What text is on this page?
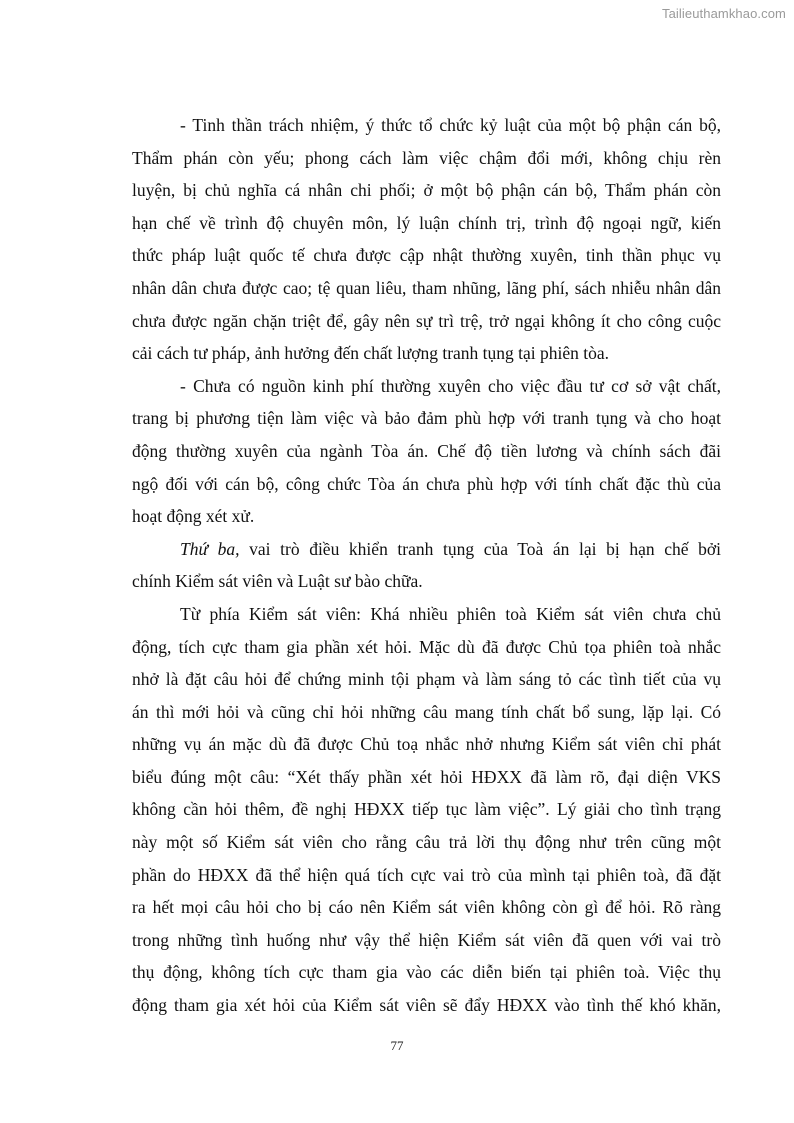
Tailieuthamkhao.com
- Tinh thần trách nhiệm, ý thức tổ chức kỷ luật của một bộ phận cán bộ,
Thẩm phán còn yếu; phong cách làm việc chậm đổi mới, không chịu rèn
luyện, bị chủ nghĩa cá nhân chi phối; ở một bộ phận cán bộ, Thẩm phán còn
hạn chế về trình độ chuyên môn, lý luận chính trị, trình độ ngoại ngữ, kiến
thức pháp luật quốc tế chưa được cập nhật thường xuyên, tinh thần phục vụ
nhân dân chưa được cao; tệ quan liêu, tham nhũng, lãng phí, sách nhiễu nhân dân
chưa được ngăn chặn triệt để, gây nên sự trì trệ, trở ngại không ít cho công cuộc
cải cách tư pháp, ảnh hưởng đến chất lượng tranh tụng tại phiên tòa.
- Chưa có nguồn kinh phí thường xuyên cho việc đầu tư cơ sở vật chất,
trang bị phương tiện làm việc và bảo đảm phù hợp với tranh tụng và cho hoạt
động thường xuyên của ngành Tòa án. Chế độ tiền lương và chính sách đãi
ngộ đối với cán bộ, công chức Tòa án chưa phù hợp với tính chất đặc thù của
hoạt động xét xử.
Thứ ba, vai trò điều khiển tranh tụng của Toà án lại bị hạn chế bởi
chính Kiểm sát viên và Luật sư bào chữa.
Từ phía Kiểm sát viên: Khá nhiều phiên toà Kiểm sát viên chưa chủ
động, tích cực tham gia phần xét hỏi. Mặc dù đã được Chủ tọa phiên toà nhắc
nhở là đặt câu hỏi để chứng minh tội phạm và làm sáng tỏ các tình tiết của vụ
án thì mới hỏi và cũng chỉ hỏi những câu mang tính chất bổ sung, lặp lại. Có
những vụ án mặc dù đã được Chủ toạ nhắc nhở nhưng Kiểm sát viên chỉ phát
biểu đúng một câu: “Xét thấy phần xét hỏi HĐXX đã làm rõ, đại diện VKS
không cần hỏi thêm, đề nghị HĐXX tiếp tục làm việc”. Lý giải cho tình trạng
này một số Kiểm sát viên cho rằng câu trả lời thụ động như trên cũng một
phần do HĐXX đã thể hiện quá tích cực vai trò của mình tại phiên toà, đã đặt
ra hết mọi câu hỏi cho bị cáo nên Kiểm sát viên không còn gì để hỏi. Rõ ràng
trong những tình huống như vậy thể hiện Kiểm sát viên đã quen với vai trò
thụ động, không tích cực tham gia vào các diễn biến tại phiên toà. Việc thụ
động tham gia xét hỏi của Kiểm sát viên sẽ đẩy HĐXX vào tình thế khó khăn,
77
